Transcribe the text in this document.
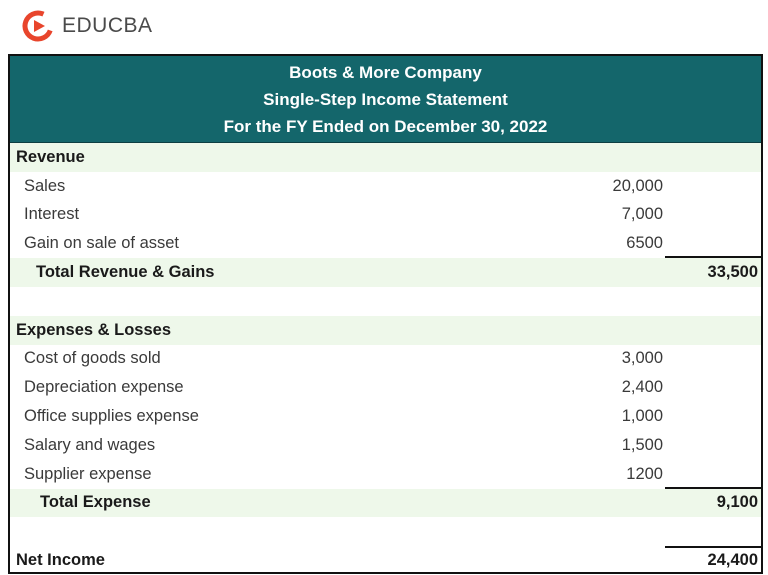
EDUCBA
Boots & More Company
Single-Step Income Statement
For the FY Ended on December 30, 2022
Revenue
Sales	20,000
Interest	7,000
Gain on sale of asset	6500
Total Revenue & Gains	33,500
Expenses & Losses
Cost of goods sold	3,000
Depreciation expense	2,400
Office supplies expense	1,000
Salary and wages	1,500
Supplier expense	1200
Total Expense	9,100
Net Income	24,400
